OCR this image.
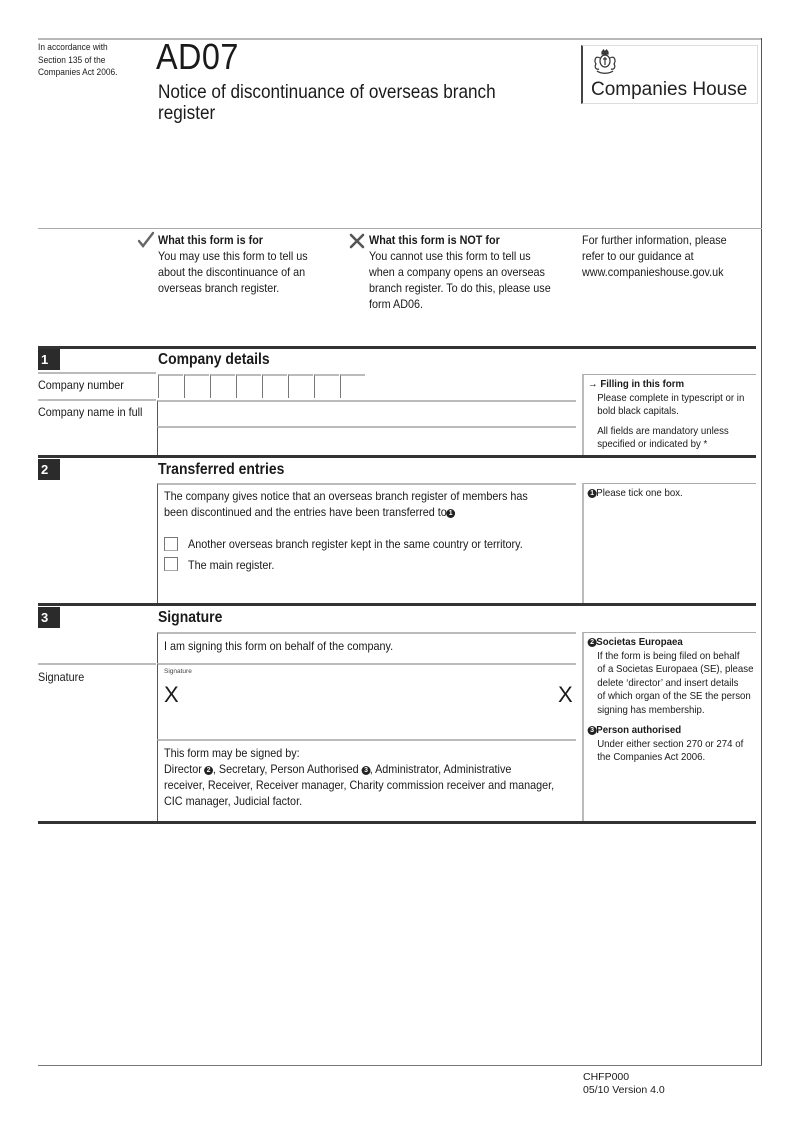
In accordance with
Section 135 of the
Companies Act 2006. AD07
Notice of discontinuance of overseas branch register
Companies House
What this form is for
You may use this form to tell us
about the discontinuance of an
overseas branch register.
What this form is NOT for
You cannot use this form to tell us
when a company opens an overseas
branch register. To do this, please use
form AD06.
For further information, please
refer to our guidance at
www.companieshouse.gov.uk
1	Company details
Company number
Company name in full
→ Filling in this form
Please complete in typescript or in
bold black capitals.
All fields are mandatory unless
specified or indicated by *
2	Transferred entries
The company gives notice that an overseas branch register of members has
been discontinued and the entries have been transferred to 1
Another overseas branch register kept in the same country or territory.
The main register.
1 Please tick one box.
3	Signature
I am signing this form on behalf of the company.
Signature	Signature
X	X
This form may be signed by:
Director 2 , Secretary, Person Authorised 3 , Administrator, Administrative
receiver, Receiver, Receiver manager, Charity commission receiver and manager,
CIC manager, Judicial factor.
2 Societas Europaea
If the form is being filed on behalf
of a Societas Europaea (SE), please
delete ‘director’ and insert details
of which organ of the SE the person
signing has membership.
3 Person authorised
Under either section 270 or 274 of
the Companies Act 2006.
CHFP000
05/10 Version 4.0
